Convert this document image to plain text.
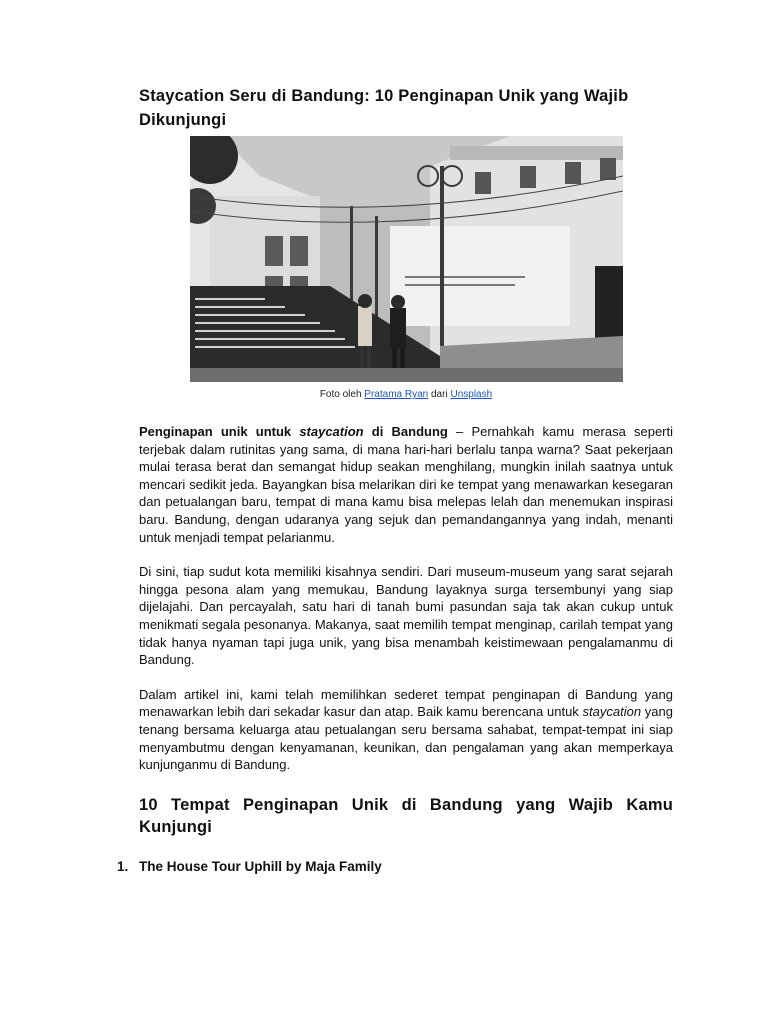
Staycation Seru di Bandung: 10 Penginapan Unik yang Wajib Dikunjungi
Foto oleh Pratama Ryan dari Unsplash

Penginapan unik untuk staycation di Bandung – Pernahkah kamu merasa seperti terjebak dalam rutinitas yang sama, di mana hari-hari berlalu tanpa warna? Saat pekerjaan mulai terasa berat dan semangat hidup seakan menghilang, mungkin inilah saatnya untuk mencari sedikit jeda. Bayangkan bisa melarikan diri ke tempat yang menawarkan kesegaran dan petualangan baru, tempat di mana kamu bisa melepas lelah dan menemukan inspirasi baru. Bandung, dengan udaranya yang sejuk dan pemandangannya yang indah, menanti untuk menjadi tempat pelarianmu.

Di sini, tiap sudut kota memiliki kisahnya sendiri. Dari museum-museum yang sarat sejarah hingga pesona alam yang memukau, Bandung layaknya surga tersembunyi yang siap dijelajahi. Dan percayalah, satu hari di tanah bumi pasundan saja tak akan cukup untuk menikmati segala pesonanya. Makanya, saat memilih tempat menginap, carilah tempat yang tidak hanya nyaman tapi juga unik, yang bisa menambah keistimewaan pengalamanmu di Bandung.

Dalam artikel ini, kami telah memilihkan sederet tempat penginapan di Bandung yang menawarkan lebih dari sekadar kasur dan atap. Baik kamu berencana untuk staycation yang tenang bersama keluarga atau petualangan seru bersama sahabat, tempat-tempat ini siap menyambutmu dengan kenyamanan, keunikan, dan pengalaman yang akan memperkaya kunjunganmu di Bandung.

10 Tempat Penginapan Unik di Bandung yang Wajib Kamu Kunjungi
1. The House Tour Uphill by Maja Family
